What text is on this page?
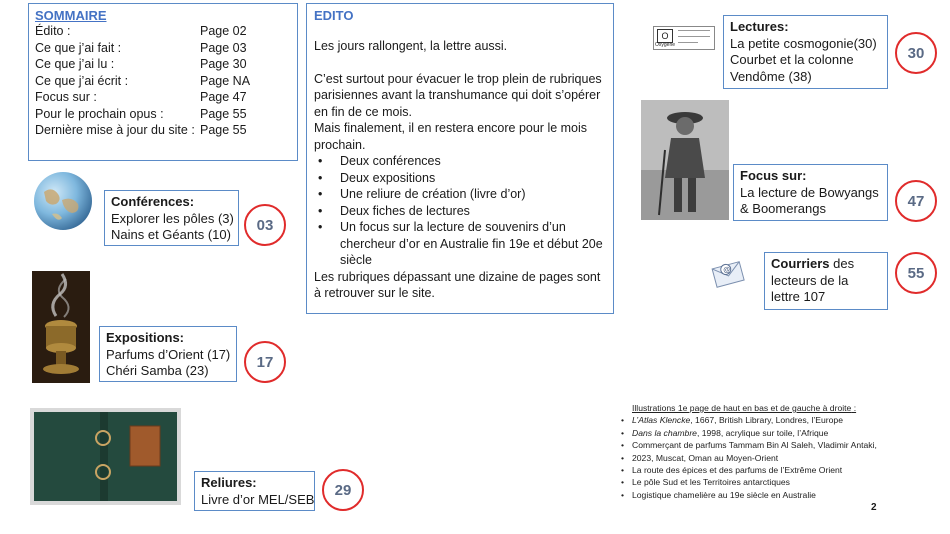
SOMMAIRE
Édito :	Page 02
Ce que j’ai fait :	Page 03
Ce que j’ai lu :	Page 30
Ce que j’ai écrit :	Page NA
Focus sur :	Page 47
Pour le prochain opus :	Page 55
Dernière mise à jour du site : Page 55
EDITO

Les jours rallongent, la lettre aussi.

C’est surtout pour évacuer le trop plein de rubriques parisiennes avant la transhumance qui doit s’opérer en fin de ce mois.

Mais finalement, il en restera encore pour le mois prochain.

• Deux conférences
• Deux expositions
• Une reliure de création (livre d’or)
• Deux fiches de lectures
• Un focus sur la lecture de souvenirs d’un chercheur d’or en Australie fin 19e et début 20e siècle

Les rubriques dépassant une dizaine de pages sont à retrouver sur le site.

Conférences:
Explorer les pôles (3)
Nains et Géants (10)
03
Expositions:
Parfums d’Orient (17)
Chéri Samba (23)	17
Reliures:
Livre d’or MEL/SEB
29
O
Oxygène
Lectures:
La petite cosmogonie(30)
Courbet et la colonne
Vendôme (38)
30
Focus sur:
La lecture de Bowyangs
& Boomerangs	47
@	Courriers des
lecteurs de la
lettre 107
55
Illustrations 1e page de haut en bas et de gauche à droite :
• L’Atlas Klencke, 1667, British Library, Londres, l’Europe
• Dans la chambre, 1998, acrylique sur toile, l’Afrique
• Commerçant de parfums Tammam Bin Al Saleh, Vladimir Antaki,
• 2023, Muscat, Oman au Moyen-Orient
• La route des épices et des parfums de l’Extrême Orient
• Le pôle Sud et les Territoires antarctiques
• Logistique chamelière au 19e siècle en Australie
2
